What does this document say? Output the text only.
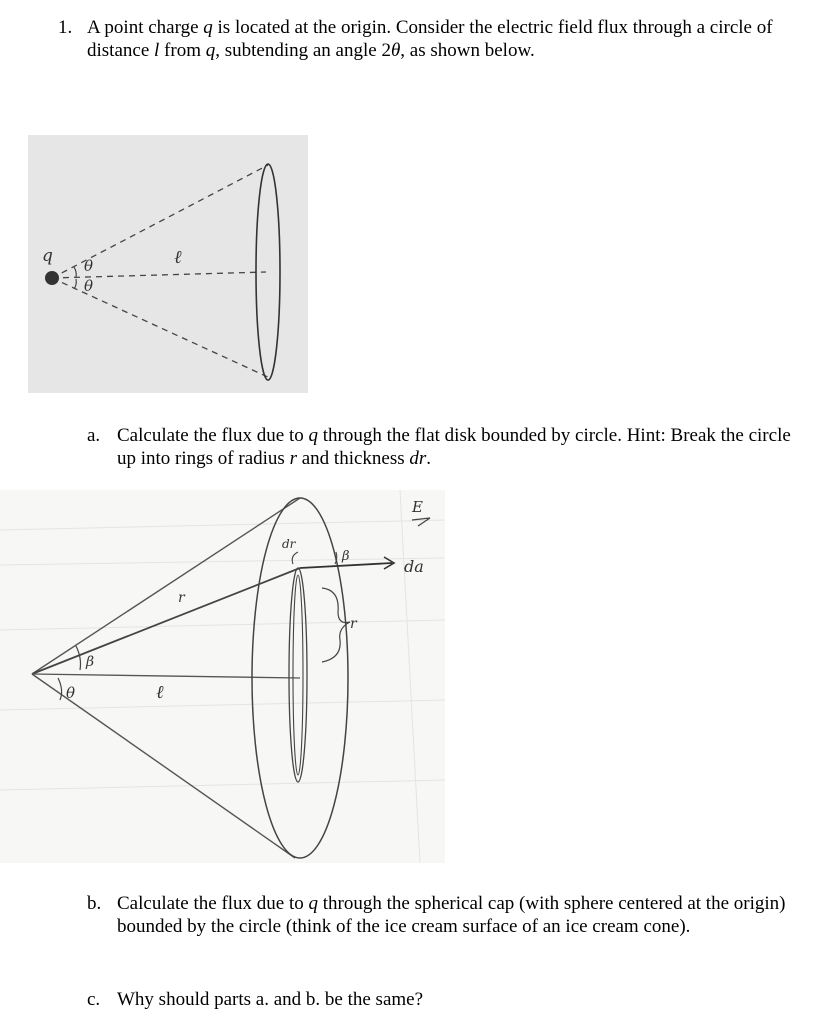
1. A point charge q is located at the origin. Consider the electric field flux through a circle of distance l from q, subtending an angle 2θ, as shown below.
q θ
θ
ℓ
a. Calculate the flux due to q through the flat disk bounded by circle. Hint: Break the circle up into rings of radius r and thickness dr.
dr
E
da
β
β
θ
r
r
ℓ
b. Calculate the flux due to q through the spherical cap (with sphere centered at the origin) bounded by the circle (think of the ice cream surface of an ice cream cone).
c. Why should parts a. and b. be the same?
